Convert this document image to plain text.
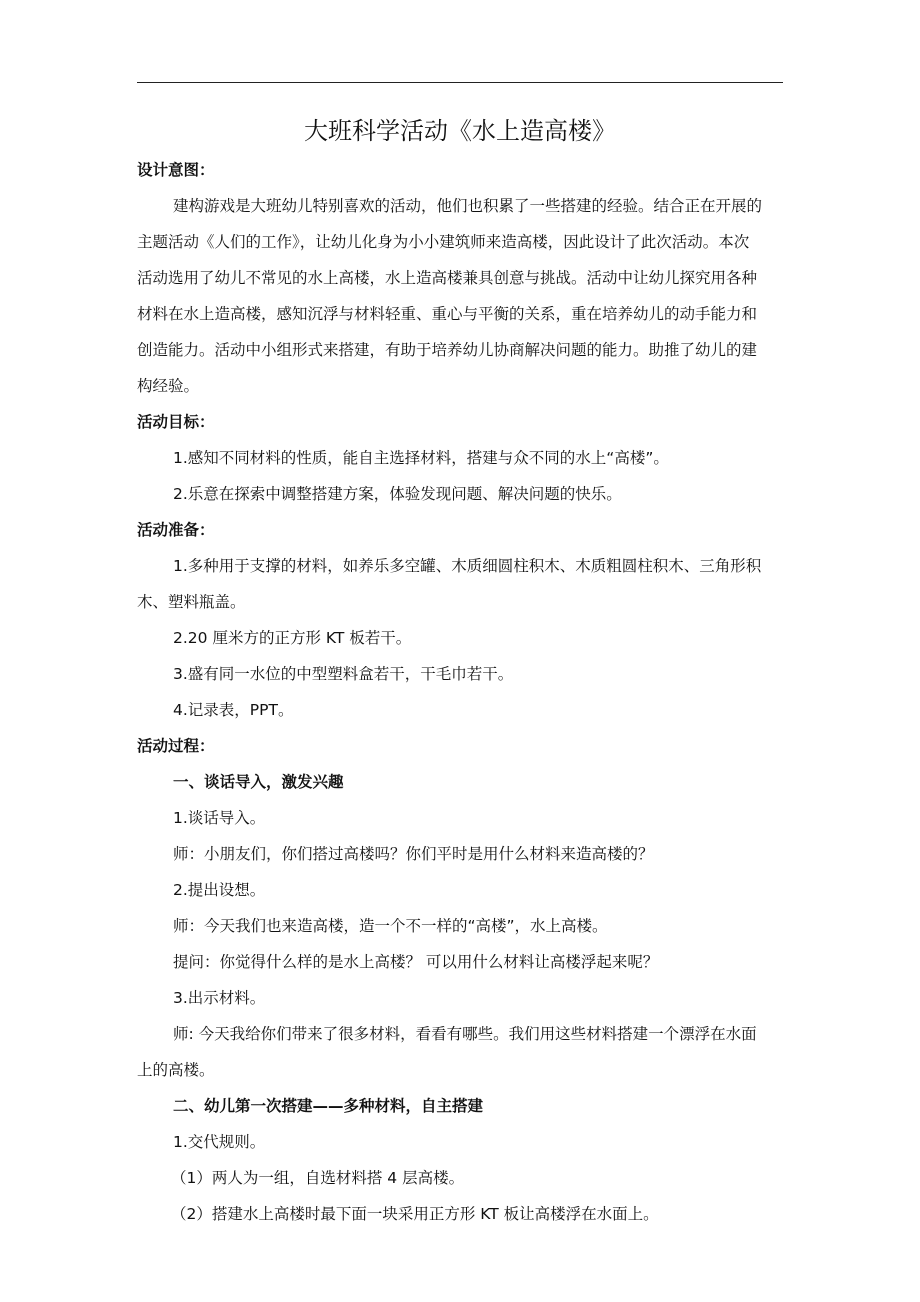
大班科学活动《水上造高楼》
设计意图：
建构游戏是大班幼儿特别喜欢的活动，他们也积累了一些搭建的经验。结合正在开展的
主题活动《人们的工作》，让幼儿化身为小小建筑师来造高楼，因此设计了此次活动。本次
活动选用了幼儿不常见的水上高楼，水上造高楼兼具创意与挑战。活动中让幼儿探究用各种
材料在水上造高楼，感知沉浮与材料轻重、重心与平衡的关系，重在培养幼儿的动手能力和
创造能力。活动中小组形式来搭建，有助于培养幼儿协商解决问题的能力。助推了幼儿的建
构经验。
活动目标：
1.感知不同材料的性质，能自主选择材料，搭建与众不同的水上“高楼”。
2.乐意在探索中调整搭建方案，体验发现问题、解决问题的快乐。
活动准备：
1.多种用于支撑的材料，如养乐多空罐、木质细圆柱积木、木质粗圆柱积木、三角形积
木、塑料瓶盖。
2.20 厘米方的正方形 KT 板若干。
3.盛有同一水位的中型塑料盒若干，干毛巾若干。
4.记录表，PPT。
活动过程：
一、谈话导入，激发兴趣
1.谈话导入。
师：小朋友们，你们搭过高楼吗？你们平时是用什么材料来造高楼的？
2.提出设想。
师：今天我们也来造高楼，造一个不一样的“高楼”，水上高楼。
提问：你觉得什么样的是水上高楼？ 可以用什么材料让高楼浮起来呢？
3.出示材料。
师: 今天我给你们带来了很多材料，看看有哪些。我们用这些材料搭建一个漂浮在水面
上的高楼。
二、幼儿第一次搭建——多种材料，自主搭建
1.交代规则。
（1）两人为一组，自选材料搭 4 层高楼。
（2）搭建水上高楼时最下面一块采用正方形 KT 板让高楼浮在水面上。
